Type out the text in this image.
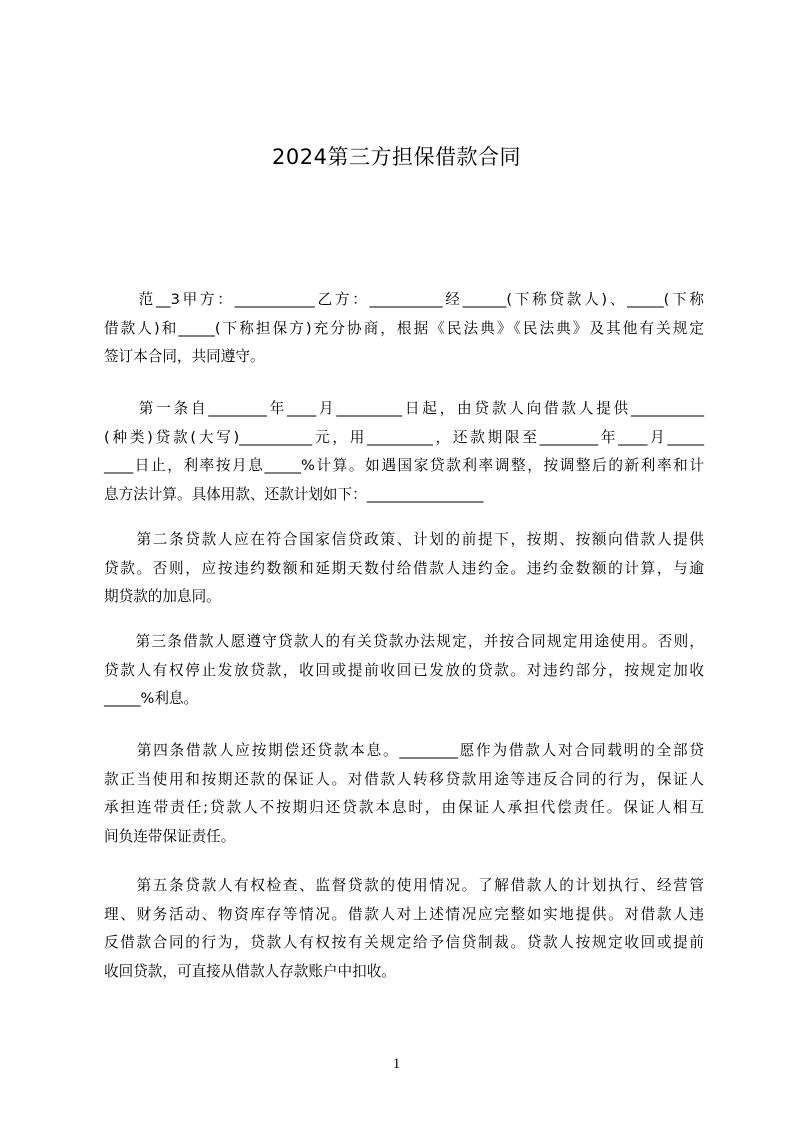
2024第三方担保借款合同
　　范__3甲方：___________乙方：__________经______(下称贷款人)、_____(下称
借款人)和_____(下称担保方)充分协商，根据《民法典》《民法典》及其他有关规定
签订本合同，共同遵守。
　　第一条自________年____月_________日起，由贷款人向借款人提供__________
(种类)贷款(大写)__________元，用_________，还款期限至________年____月_____
____日止，利率按月息_____%计算。如遇国家贷款利率调整，按调整后的新利率和计
息方法计算。具体用款、还款计划如下：________________
　　第二条贷款人应在符合国家信贷政策、计划的前提下，按期、按额向借款人提供
贷款。否则，应按违约数额和延期天数付给借款人违约金。违约金数额的计算，与逾
期贷款的加息同。
　　第三条借款人愿遵守贷款人的有关贷款办法规定，并按合同规定用途使用。否则，
贷款人有权停止发放贷款，收回或提前收回已发放的贷款。对违约部分，按规定加收
_____%利息。
　　第四条借款人应按期偿还贷款本息。________愿作为借款人对合同载明的全部贷
款正当使用和按期还款的保证人。对借款人转移贷款用途等违反合同的行为，保证人
承担连带责任;贷款人不按期归还贷款本息时，由保证人承担代偿责任。保证人相互
间负连带保证责任。
　　第五条贷款人有权检查、监督贷款的使用情况。了解借款人的计划执行、经营管
理、财务活动、物资库存等情况。借款人对上述情况应完整如实地提供。对借款人违
反借款合同的行为，贷款人有权按有关规定给予信贷制裁。贷款人按规定收回或提前
收回贷款，可直接从借款人存款账户中扣收。
1
